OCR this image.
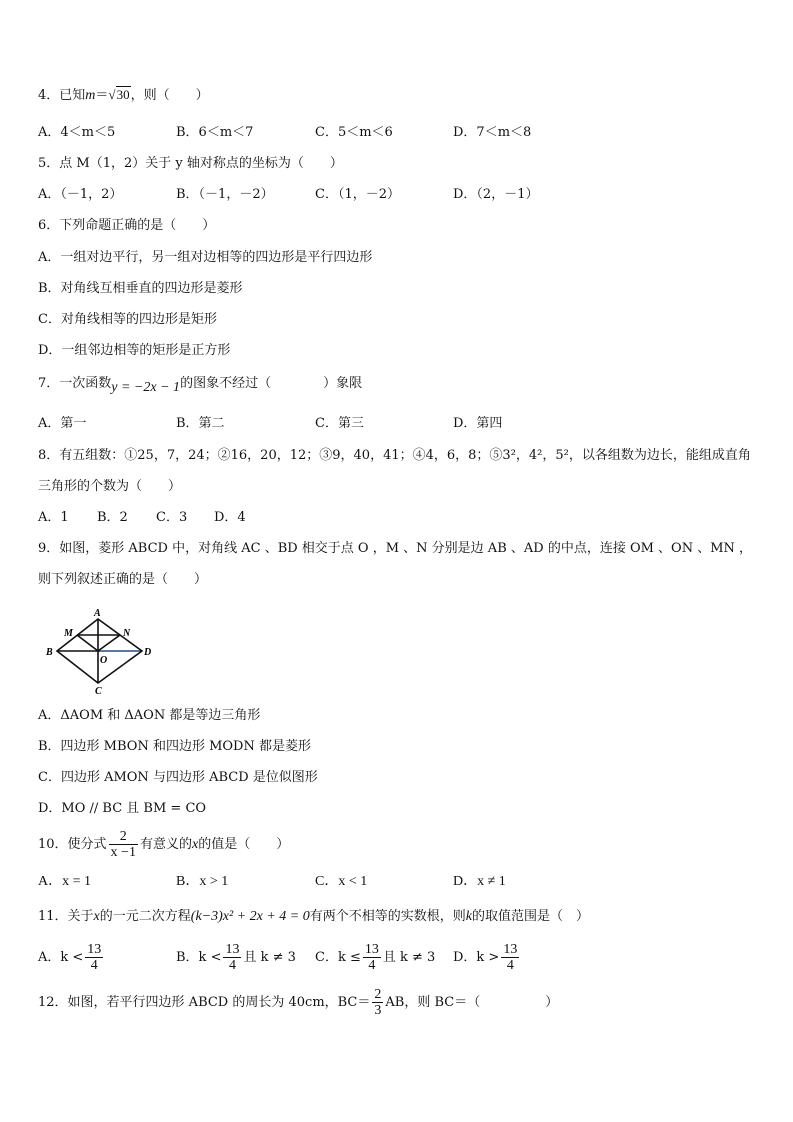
4．已知m＝√30，则（　　）
A．4＜m＜5	B．6＜m＜7	C．5＜m＜6	D．7＜m＜8
5．点 M（1，2）关于 y 轴对称点的坐标为（　　）
A．（－1，2）	B．（－1，－2）	C．（1，－2）	D．（2，－1）
6．下列命题正确的是（　　）
A．一组对边平行，另一组对边相等的四边形是平行四边形
B．对角线互相垂直的四边形是菱形
C．对角线相等的四边形是矩形
D．一组邻边相等的矩形是正方形
7．一次函数y = −2x − 1的图象不经过（　　　　）象限
A．第一	B．第二	C．第三	D．第四
8．有五组数：①25，7，24；②16，20，12；③9，40，41；④4，6，8；⑤3²，4²，5²，以各组数为边长，能组成直角
三角形的个数为（　　）
A．1 B．2 C．3 D．4
9．如图，菱形 ABCD 中，对角线 AC 、BD 相交于点 O ，M 、N 分别是边 AB 、AD 的中点，连接 OM 、ON 、MN ，
则下列叙述正确的是（　　）
A
B
C
D
M	N
O
A．ΔAOM 和 ΔAON 都是等边三角形
B．四边形 MBON 和四边形 MODN 都是菱形
C．四边形 AMON 与四边形 ABCD 是位似图形
D．MO // BC 且 BM = CO
10．使分式 $\frac{2}{x -1}$ 有意义的x的值是（　　）
A．x = 1	B．x > 1	C．x < 1	D．x ≠ 1
11．关于x的一元二次方程(k−3)x² + 2x + 4 = 0有两个不相等的实数根，则k的取值范围是（　）
A．$k < \frac{13}{4}$	B．$k < \frac{13}{4}$ 且 k ≠ 3 C．$k \le \frac{13}{4}$ 且 k ≠ 3 D．$k > \frac{13}{4}$
12．如图，若平行四边形 ABCD 的周长为 40cm，$BC= \frac{2}{3}$ AB，则 BC＝（　　　　　）
